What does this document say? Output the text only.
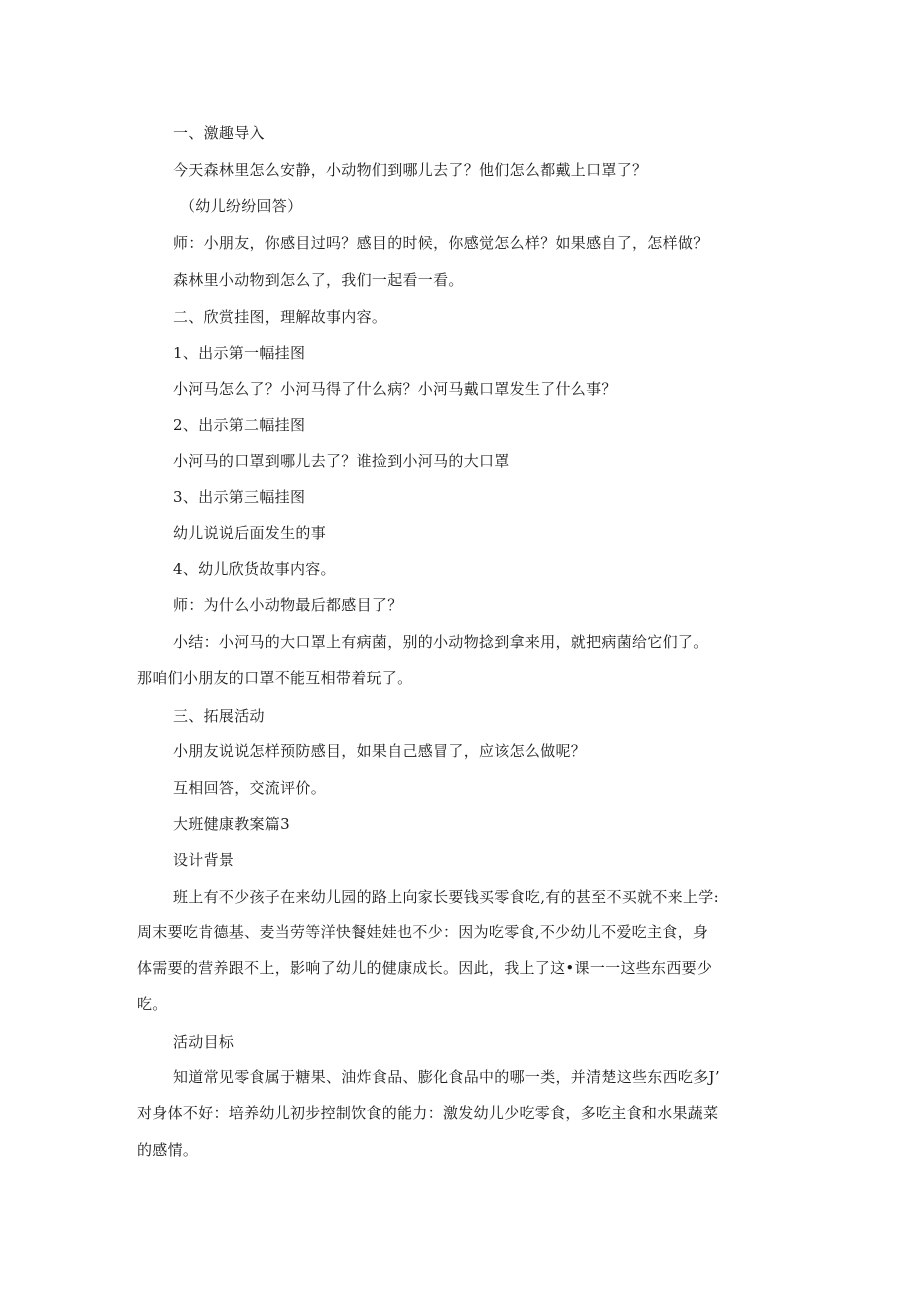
一、激趣导入
今天森林里怎么安静，小动物们到哪儿去了？他们怎么都戴上口罩了？
（幼儿纷纷回答）
师：小朋友，你感目过吗？感目的时候，你感觉怎么样？如果感自了，怎样做？
森林里小动物到怎么了，我们一起看一看。
二、欣赏挂图，理解故事内容。
1、出示第一幅挂图
小河马怎么了？小河马得了什么病？小河马戴口罩发生了什么事？
2、出示第二幅挂图
小河马的口罩到哪儿去了？谁捡到小河马的大口罩
3、出示第三幅挂图
幼儿说说后面发生的事
4、幼儿欣货故事内容。
师：为什么小动物最后都感目了？
小结：小河马的大口罩上有病菌，别的小动物捻到拿来用，就把病菌给它们了。
那咱们小朋友的口罩不能互相带着玩了。
三、拓展活动
小朋友说说怎样预防感目，如果自己感冒了，应该怎么做呢？
互相回答，交流评价。
大班健康教案篇3
设计背景
班上有不少孩子在来幼儿园的路上向家长要钱买零食吃,有的甚至不买就不来上学:
周末要吃肯德基、麦当劳等洋快餐娃娃也不少：因为吃零食,不少幼儿不爱吃主食，身
体需要的营养跟不上，影响了幼儿的健康成长。因此，我上了这•课一一这些东西要少
吃。
活动目标
知道常见零食属于糖果、油炸食品、膨化食品中的哪一类，并清楚这些东西吃多J’
对身体不好：培养幼儿初步控制饮食的能力：激发幼儿少吃零食，多吃主食和水果蔬菜
的感情。
